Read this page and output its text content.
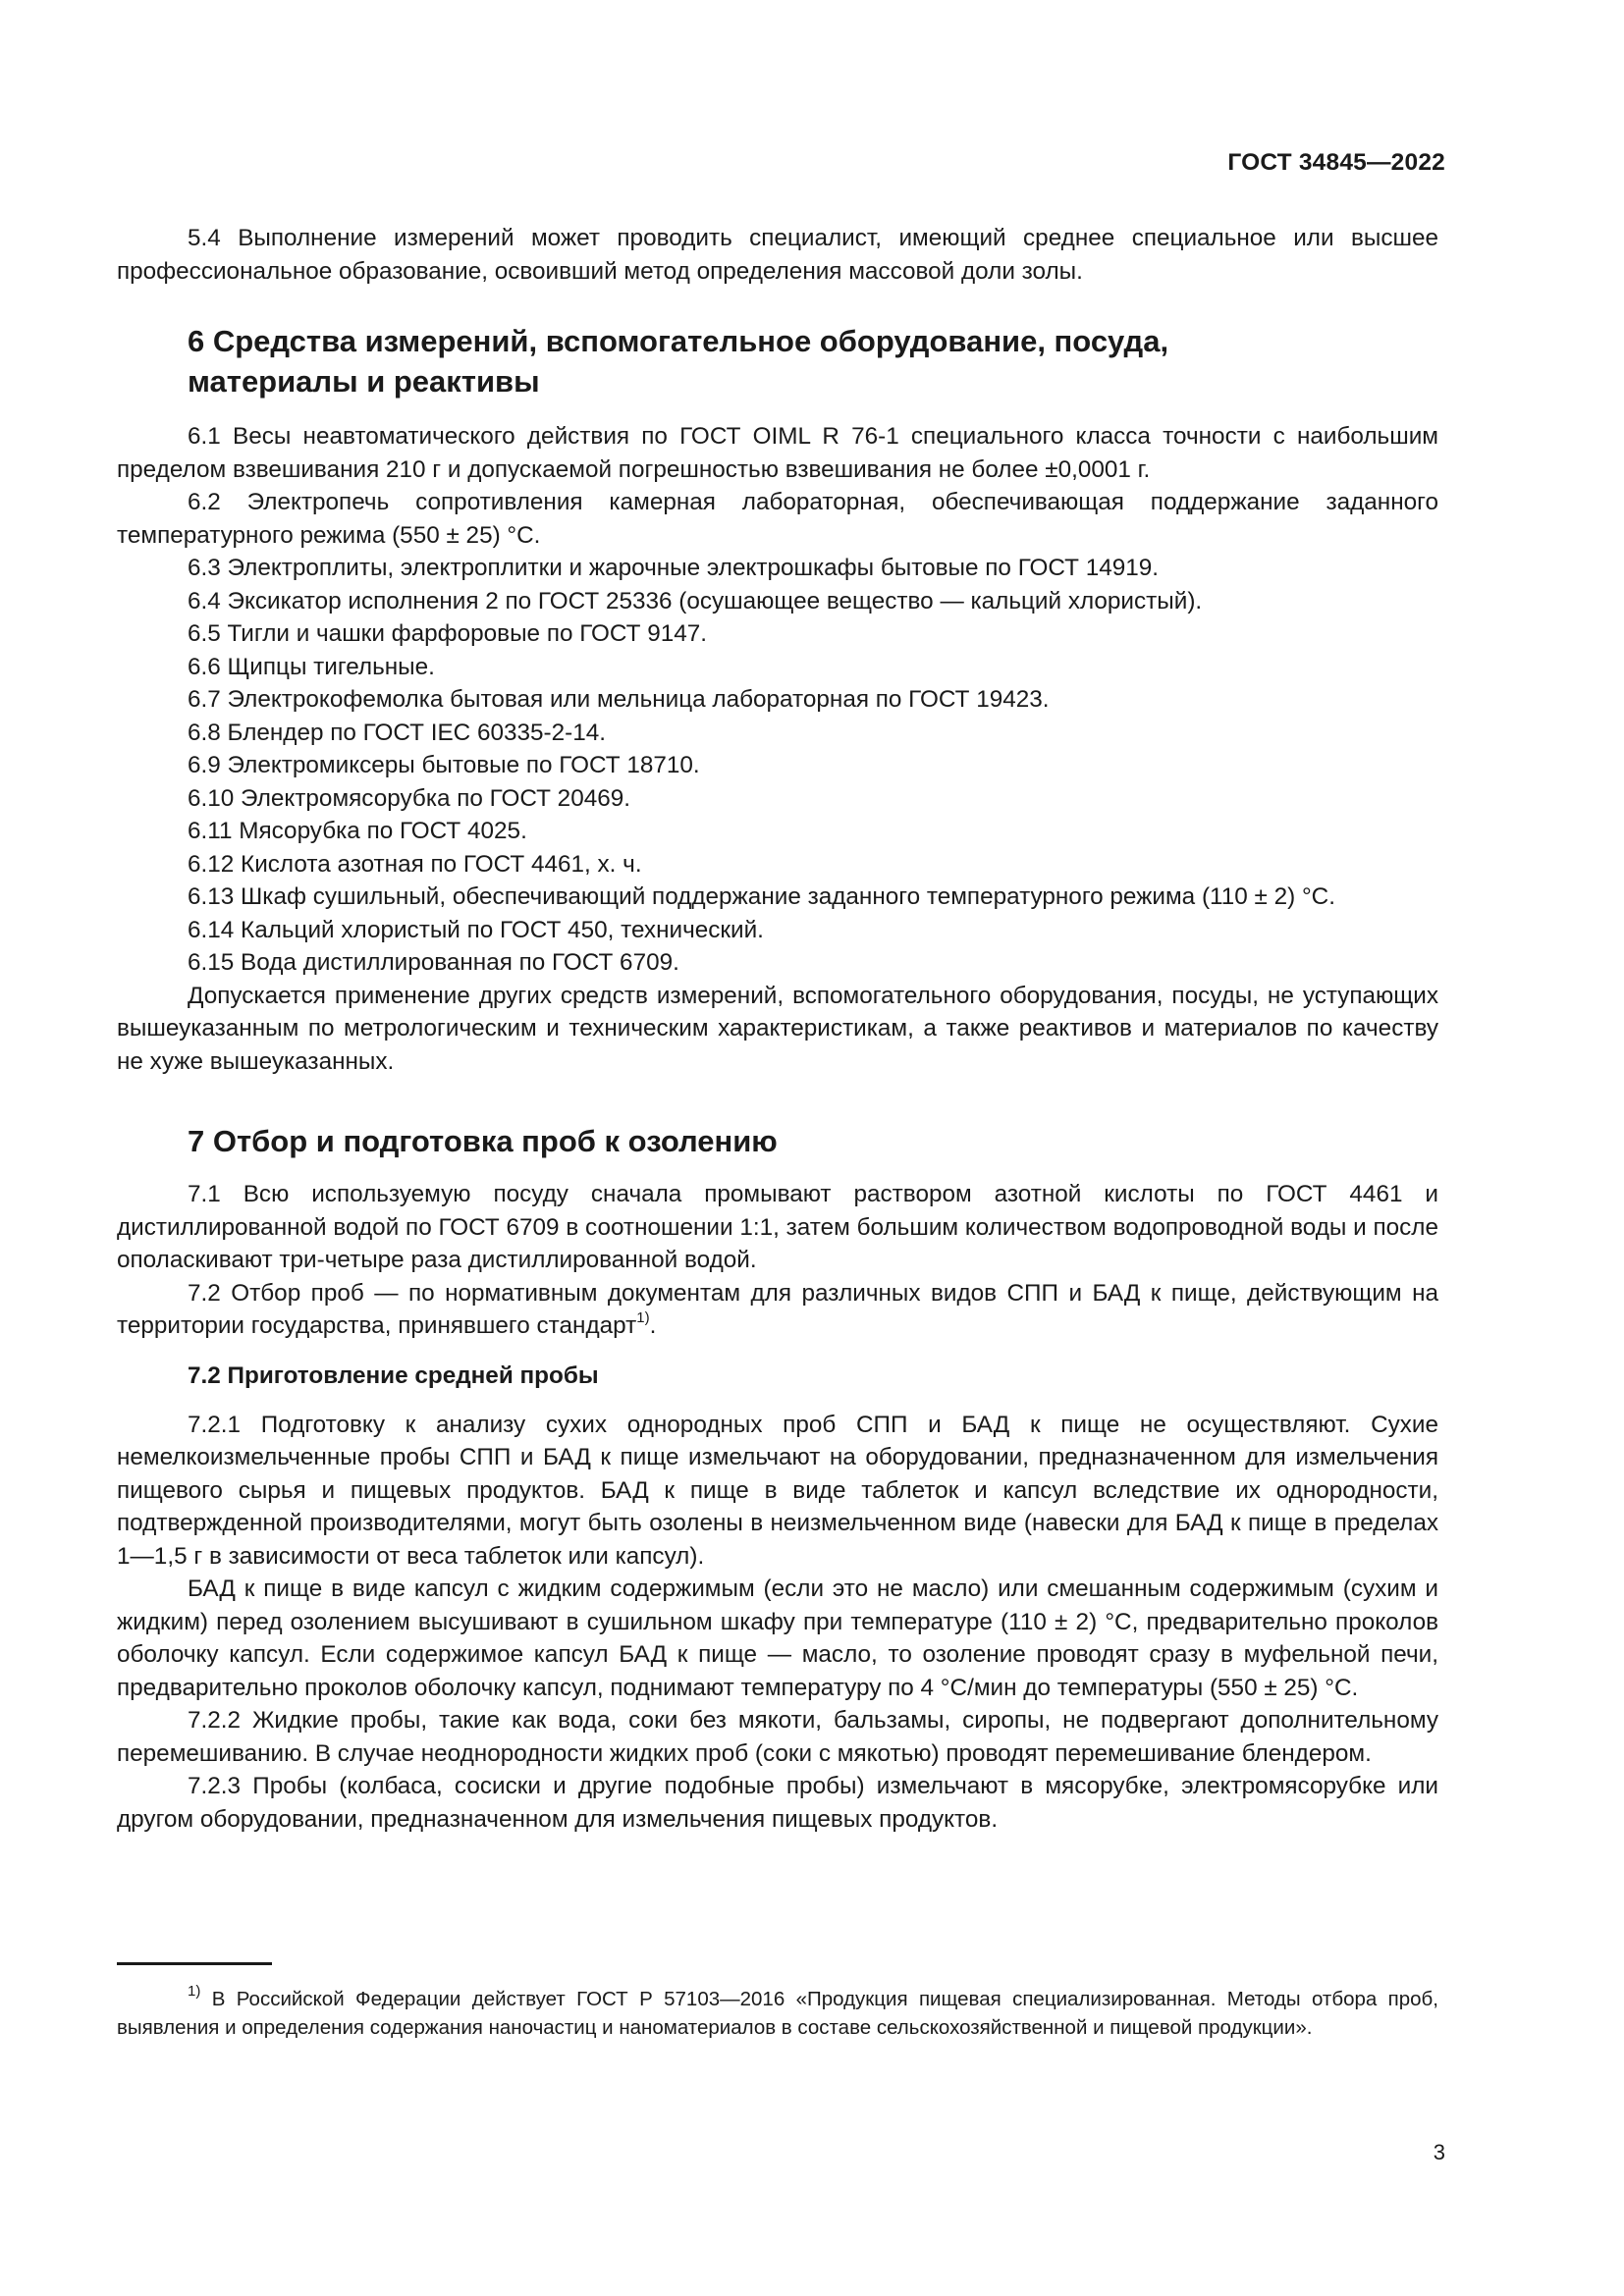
ГОСТ 34845—2022

5.4 Выполнение измерений может проводить специалист, имеющий среднее специальное или высшее профессиональное образование, освоивший метод определения массовой доли золы.

6 Средства измерений, вспомогательное оборудование, посуда,
материалы и реактивы

6.1 Весы неавтоматического действия по ГОСТ OIML R 76-1 специального класса точности с наибольшим пределом взвешивания 210 г и допускаемой погрешностью взвешивания не более ±0,0001 г.

6.2 Электропечь сопротивления камерная лабораторная, обеспечивающая поддержание заданного температурного режима (550 ± 25) °С.

6.3 Электроплиты, электроплитки и жарочные электрошкафы бытовые по ГОСТ 14919.

6.4 Эксикатор исполнения 2 по ГОСТ 25336 (осушающее вещество — кальций хлористый).

6.5 Тигли и чашки фарфоровые по ГОСТ 9147.

6.6 Щипцы тигельные.

6.7 Электрокофемолка бытовая или мельница лабораторная по ГОСТ 19423.

6.8 Блендер по ГОСТ IEC 60335-2-14.

6.9 Электромиксеры бытовые по ГОСТ 18710.

6.10 Электромясорубка по ГОСТ 20469.

6.11 Мясорубка по ГОСТ 4025.

6.12 Кислота азотная по ГОСТ 4461, х. ч.

6.13 Шкаф сушильный, обеспечивающий поддержание заданного температурного режима (110 ± 2) °С.

6.14 Кальций хлористый по ГОСТ 450, технический.

6.15 Вода дистиллированная по ГОСТ 6709.

Допускается применение других средств измерений, вспомогательного оборудования, посуды, не уступающих вышеуказанным по метрологическим и техническим характеристикам, а также реактивов и материалов по качеству не хуже вышеуказанных.

7 Отбор и подготовка проб к озолению

7.1 Всю используемую посуду сначала промывают раствором азотной кислоты по ГОСТ 4461 и дистиллированной водой по ГОСТ 6709 в соотношении 1:1, затем большим количеством водопроводной воды и после ополаскивают три-четыре раза дистиллированной водой.

7.2 Отбор проб — по нормативным документам для различных видов СПП и БАД к пище, действующим на территории государства, принявшего стандарт$^{1)}$.

7.2 Приготовление средней пробы

7.2.1 Подготовку к анализу сухих однородных проб СПП и БАД к пище не осуществляют. Сухие немелкоизмельченные пробы СПП и БАД к пище измельчают на оборудовании, предназначенном для измельчения пищевого сырья и пищевых продуктов. БАД к пище в виде таблеток и капсул вследствие их однородности, подтвержденной производителями, могут быть озолены в неизмельченном виде (навески для БАД к пище в пределах 1—1,5 г в зависимости от веса таблеток или капсул).

БАД к пище в виде капсул с жидким содержимым (если это не масло) или смешанным содержимым (сухим и жидким) перед озолением высушивают в сушильном шкафу при температуре (110 ± 2) °С, предварительно проколов оболочку капсул. Если содержимое капсул БАД к пище — масло, то озоление проводят сразу в муфельной печи, предварительно проколов оболочку капсул, поднимают температуру по 4 °С/мин до температуры (550 ± 25) °С.

7.2.2 Жидкие пробы, такие как вода, соки без мякоти, бальзамы, сиропы, не подвергают дополнительному перемешиванию. В случае неоднородности жидких проб (соки с мякотью) проводят перемешивание блендером.

7.2.3 Пробы (колбаса, сосиски и другие подобные пробы) измельчают в мясорубке, электромясорубке или другом оборудовании, предназначенном для измельчения пищевых продуктов.

$^{1)}$ В Российской Федерации действует ГОСТ Р 57103—2016 «Продукция пищевая специализированная. Методы отбора проб, выявления и определения содержания наночастиц и наноматериалов в составе сельскохозяйственной и пищевой продукции».

3
